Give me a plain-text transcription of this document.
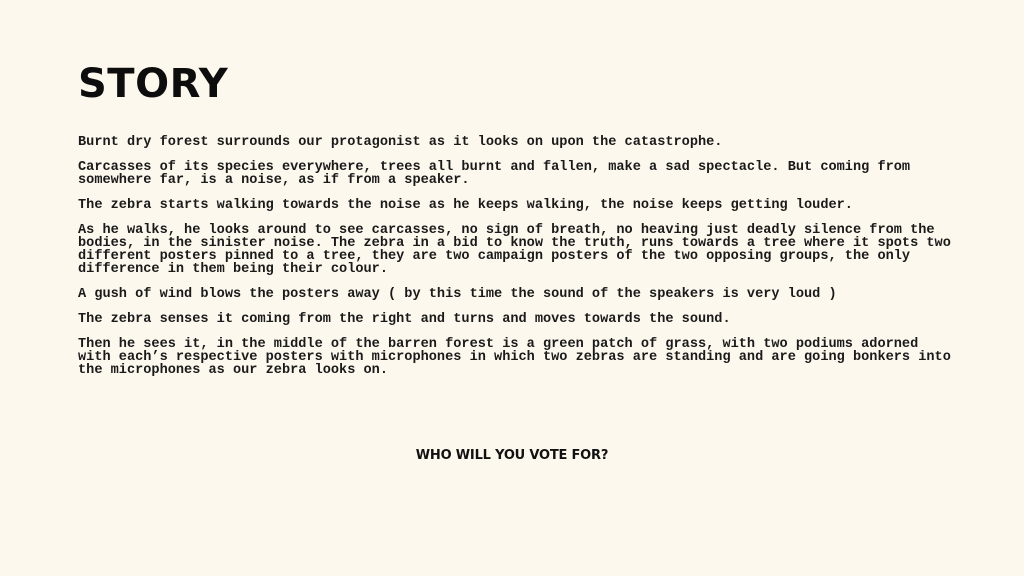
STORY

Burnt dry forest surrounds our protagonist as it looks on upon the catastrophe.

Carcasses of its species everywhere, trees all burnt and fallen, make a sad spectacle. But coming from somewhere far, is a noise, as if from a speaker.

The zebra starts walking towards the noise as he keeps walking, the noise keeps getting louder.

As he walks, he looks around to see carcasses, no sign of breath, no heaving just deadly silence from the bodies, in the sinister noise. The zebra in a bid to know the truth, runs towards a tree where it spots two different posters pinned to a tree, they are two campaign posters of the two opposing groups, the only difference in them being their colour.

A gush of wind blows the posters away ( by this time the sound of the speakers is very loud )

The zebra senses it coming from the right and turns and moves towards the sound.

Then he sees it, in the middle of the barren forest is a green patch of grass, with two podiums adorned with each’s respective posters with microphones in which two zebras are standing and are going bonkers into the microphones as our zebra looks on.

WHO WILL YOU VOTE FOR?
